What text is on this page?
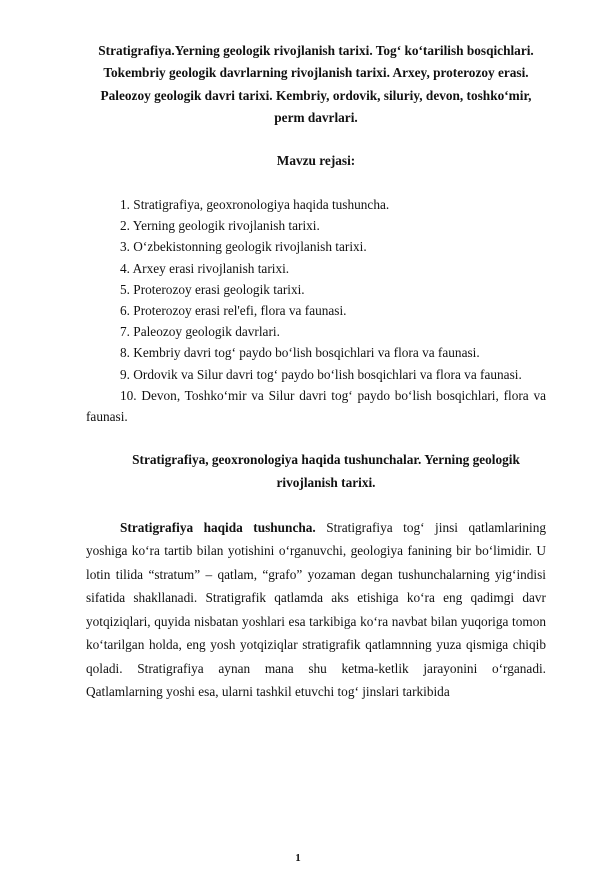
Stratigrafiya.Yerning geologik rivojlanish tarixi. Tog‘ ko‘tarilish bosqichlari. Tokembriy geologik davrlarning rivojlanish tarixi. Arxey, proterozoy erasi. Paleozoy geologik davri tarixi. Kembriy, ordovik, siluriy, devon, toshko‘mir, perm davrlari.
Mavzu rejasi:
1. Stratigrafiya, geoxronologiya haqida tushuncha.
2. Yerning geologik rivojlanish tarixi.
3. O‘zbekistonning geologik rivojlanish tarixi.
4. Arxey erasi rivojlanish tarixi.
5. Proterozoy erasi geologik tarixi.
6. Proterozoy erasi rel'efi, flora va faunasi.
7. Paleozoy geologik davrlari.
8. Kembriy davri tog‘ paydo bo‘lish bosqichlari va flora va faunasi.
9. Ordovik va Silur davri tog‘ paydo bo‘lish bosqichlari va flora va faunasi.
10. Devon, Toshko‘mir va Silur davri tog‘ paydo bo‘lish bosqichlari, flora va faunasi.
Stratigrafiya, geoxronologiya haqida tushunchalar. Yerning geologik rivojlanish tarixi.

Stratigrafiya haqida tushuncha. Stratigrafiya tog‘ jinsi qatlamlarining yoshiga ko‘ra tartib bilan yotishini o‘rganuvchi, geologiya fanining bir bo‘limidir. U lotin tilida “stratum” – qatlam, “grafo” yozaman degan tushunchalarning yig‘indisi sifatida shakllanadi. Stratigrafik qatlamda aks etishiga ko‘ra eng qadimgi davr yotqiziqlari, quyida nisbatan yoshlari esa tarkibiga ko‘ra navbat bilan yuqoriga tomon ko‘tarilgan holda, eng yosh yotqiziqlar stratigrafik qatlamnning yuza qismiga chiqib qoladi. Stratigrafiya aynan mana shu ketma-ketlik jarayonini o‘rganadi. Qatlamlarning yoshi esa, ularni tashkil etuvchi tog‘ jinslari tarkibida

1
